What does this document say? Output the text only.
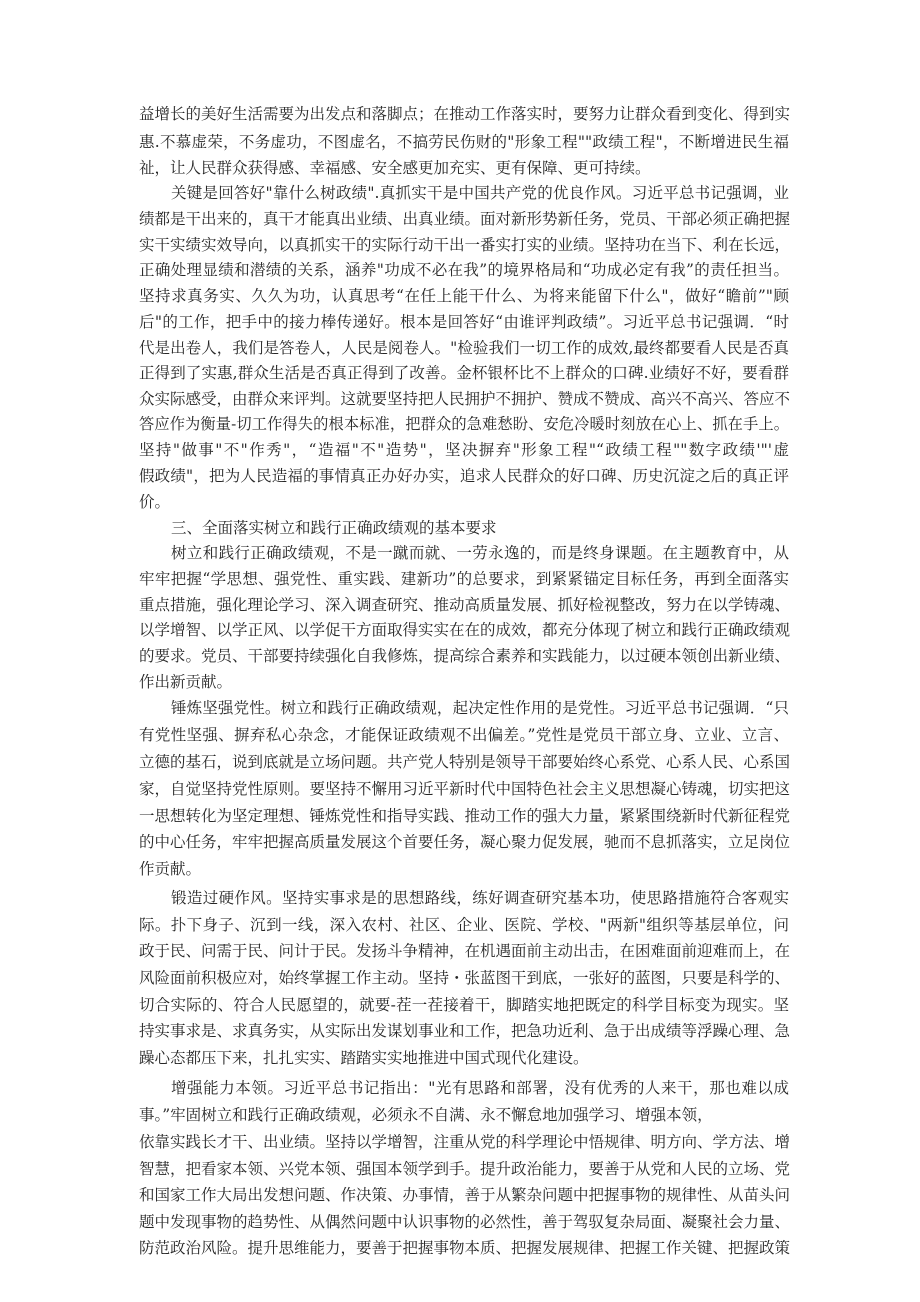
益增长的美好生活需要为出发点和落脚点；在推动工作落实时，要努力让群众看到变化、得到实
惠.不慕虚荣，不务虚功，不图虚名，不搞劳民伤财的"形象工程""政绩工程"，不断增进民生福
祉，让人民群众获得感、幸福感、安全感更加充实、更有保障、更可持续。
关键是回答好"靠什么树政绩".真抓实干是中国共产党的优良作风。习近平总书记强调，业
绩都是干出来的，真干才能真出业绩、出真业绩。面对新形势新任务，党员、干部必须正确把握
实干实绩实效导向，以真抓实干的实际行动干出一番实打实的业绩。坚持功在当下、利在长远，
正确处理显绩和潜绩的关系，涵养"功成不必在我”的境界格局和“功成必定有我”的责任担当。
坚持求真务实、久久为功，认真思考“在任上能干什么、为将来能留下什么"，做好“瞻前”"顾
后"的工作，把手中的接力棒传递好。根本是回答好“由谁评判政绩”。习近平总书记强调．“时
代是出卷人，我们是答卷人，人民是阅卷人。"检验我们一切工作的成效,最终都要看人民是否真
正得到了实惠,群众生活是否真正得到了改善。金杯银杯比不上群众的口碑.业绩好不好，要看群
众实际感受，由群众来评判。这就要坚持把人民拥护不拥护、赞成不赞成、高兴不高兴、答应不
答应作为衡量-切工作得失的根本标准，把群众的急难愁盼、安危冷暖时刻放在心上、抓在手上。
坚持"做事"不"作秀"，“造福"不"造势"，坚决摒弃"形象工程"“政绩工程""数字政绩'"'虚
假政绩"，把为人民造福的事情真正办好办实，追求人民群众的好口碑、历史沉淀之后的真正评
价。
三、全面落实树立和践行正确政绩观的基本要求
树立和践行正确政绩观，不是一蹴而就、一劳永逸的，而是终身课题。在主题教育中，从
牢牢把握“学思想、强党性、重实践、建新功”的总要求，到紧紧锚定目标任务，再到全面落实
重点措施，强化理论学习、深入调查研究、推动高质量发展、抓好检视整改，努力在以学铸魂、
以学增智、以学正风、以学促干方面取得实实在在的成效，都充分体现了树立和践行正确政绩观
的要求。党员、干部要持续强化自我修炼，提高综合素养和实践能力，以过硬本领创出新业绩、
作出新贡献。
锤炼坚强党性。树立和践行正确政绩观，起决定性作用的是党性。习近平总书记强调．“只
有党性坚强、摒弃私心杂念，才能保证政绩观不出偏差。”党性是党员干部立身、立业、立言、
立德的基石，说到底就是立场问题。共产党人特别是领导干部要始终心系党、心系人民、心系国
家，自觉坚持党性原则。要坚持不懈用习近平新时代中国特色社会主义思想凝心铸魂，切实把这
一思想转化为坚定理想、锤炼党性和指导实践、推动工作的强大力量，紧紧围绕新时代新征程党
的中心任务，牢牢把握高质量发展这个首要任务，凝心聚力促发展，驰而不息抓落实，立足岗位
作贡献。
锻造过硬作风。坚持实事求是的思想路线，练好调查研究基本功，使思路措施符合客观实
际。扑下身子、沉到一线，深入农村、社区、企业、医院、学校、"两新"组织等基层单位，问
政于民、问需于民、问计于民。发扬斗争精神，在机遇面前主动出击，在困难面前迎难而上，在
风险面前积极应对，始终掌握工作主动。坚持・张蓝图干到底，一张好的蓝图，只要是科学的、
切合实际的、符合人民愿望的，就要-茬一茬接着干，脚踏实地把既定的科学目标变为现实。坚
持实事求是、求真务实，从实际出发谋划事业和工作，把急功近利、急于出成绩等浮躁心理、急
躁心态都压下来，扎扎实实、踏踏实实地推进中国式现代化建设。
增强能力本领。习近平总书记指出："光有思路和部署，没有优秀的人来干，那也难以成
事。”牢固树立和践行正确政绩观，必须永不自满、永不懈怠地加强学习、增强本领，
依靠实践长才干、出业绩。坚持以学增智，注重从党的科学理论中悟规律、明方向、学方法、增
智慧，把看家本领、兴党本领、强国本领学到手。提升政治能力，要善于从党和人民的立场、党
和国家工作大局出发想问题、作决策、办事情，善于从繁杂问题中把握事物的规律性、从苗头问
题中发现事物的趋势性、从偶然问题中认识事物的必然性，善于驾驭复杂局面、凝聚社会力量、
防范政治风险。提升思维能力，要善于把握事物本质、把握发展规律、把握工作关键、把握政策
